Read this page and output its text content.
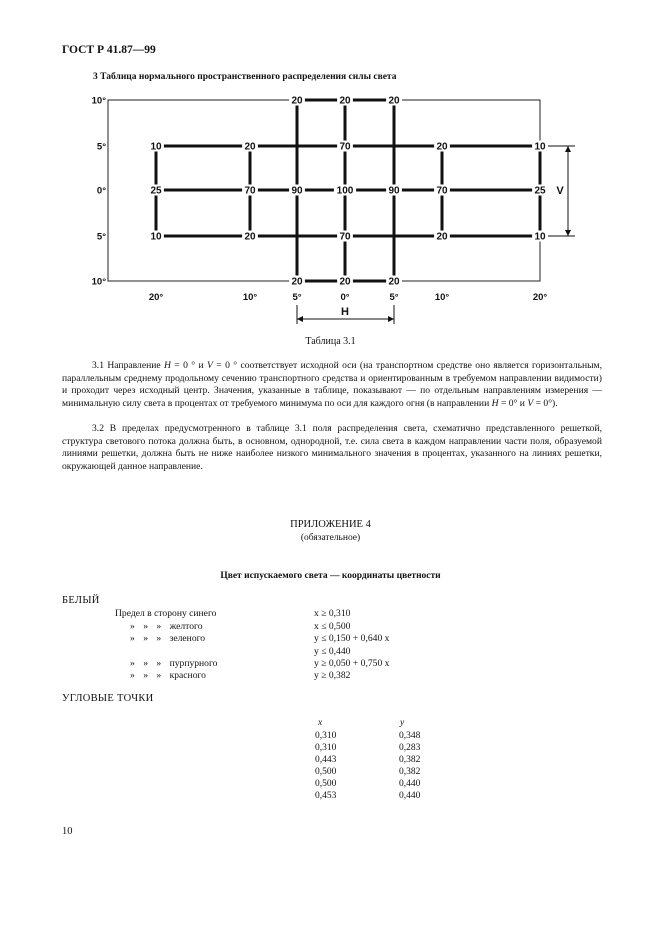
ГОСТ Р 41.87—99
3 Таблица нормального пространственного распределения силы света
20	20	20
10	20	70	20	10
25	70	90	100	90	70	25
10	20	70	20	10
20	20	20
10°
5°
0°
5°
10°
20°	10°	5°	0°	5°	10°	20°
H
V
Таблица 3.1
3.1 Направление H = 0 ° и V = 0 ° соответствует исходной оси (на транспортном средстве оно является горизонтальным, параллельным среднему продольному сечению транспортного средства и ориентированным в требуемом направлении видимости) и проходит через исходный центр. Значения, указанные в таблице, показывают — по отдельным направлениям измерения — минимальную силу света в процентах от требуемого минимума по оси для каждого огня (в направлении H = 0° и V = 0°).
3.2 В пределах предусмотренного в таблице 3.1 поля распределения света, схематично представленного решеткой, структура светового потока должна быть, в основном, однородной, т.е. сила света в каждом направлении части поля, образуемой линиями решетки, должна быть не ниже наиболее низкого минимального значения в процентах, указанного на линиях решетки, окружающей данное направление.
ПРИЛОЖЕНИЕ 4
(обязательное)
Цвет испускаемого света — координаты цветности
БЕЛЫЙ
Предел в сторону синего	x ≥ 0,310
» » » желтого	x ≤ 0,500
» » » зеленого	y ≤ 0,150 + 0,640 x
y ≤ 0,440
» » » пурпурного	y ≥ 0,050 + 0,750 x
» » » красного	y ≥ 0,382
УГЛОВЫЕ ТОЧКИ
x	y
0,310	0,348
0,310	0,283
0,443	0,382
0,500	0,382
0,500	0,440
0,453	0,440
10
